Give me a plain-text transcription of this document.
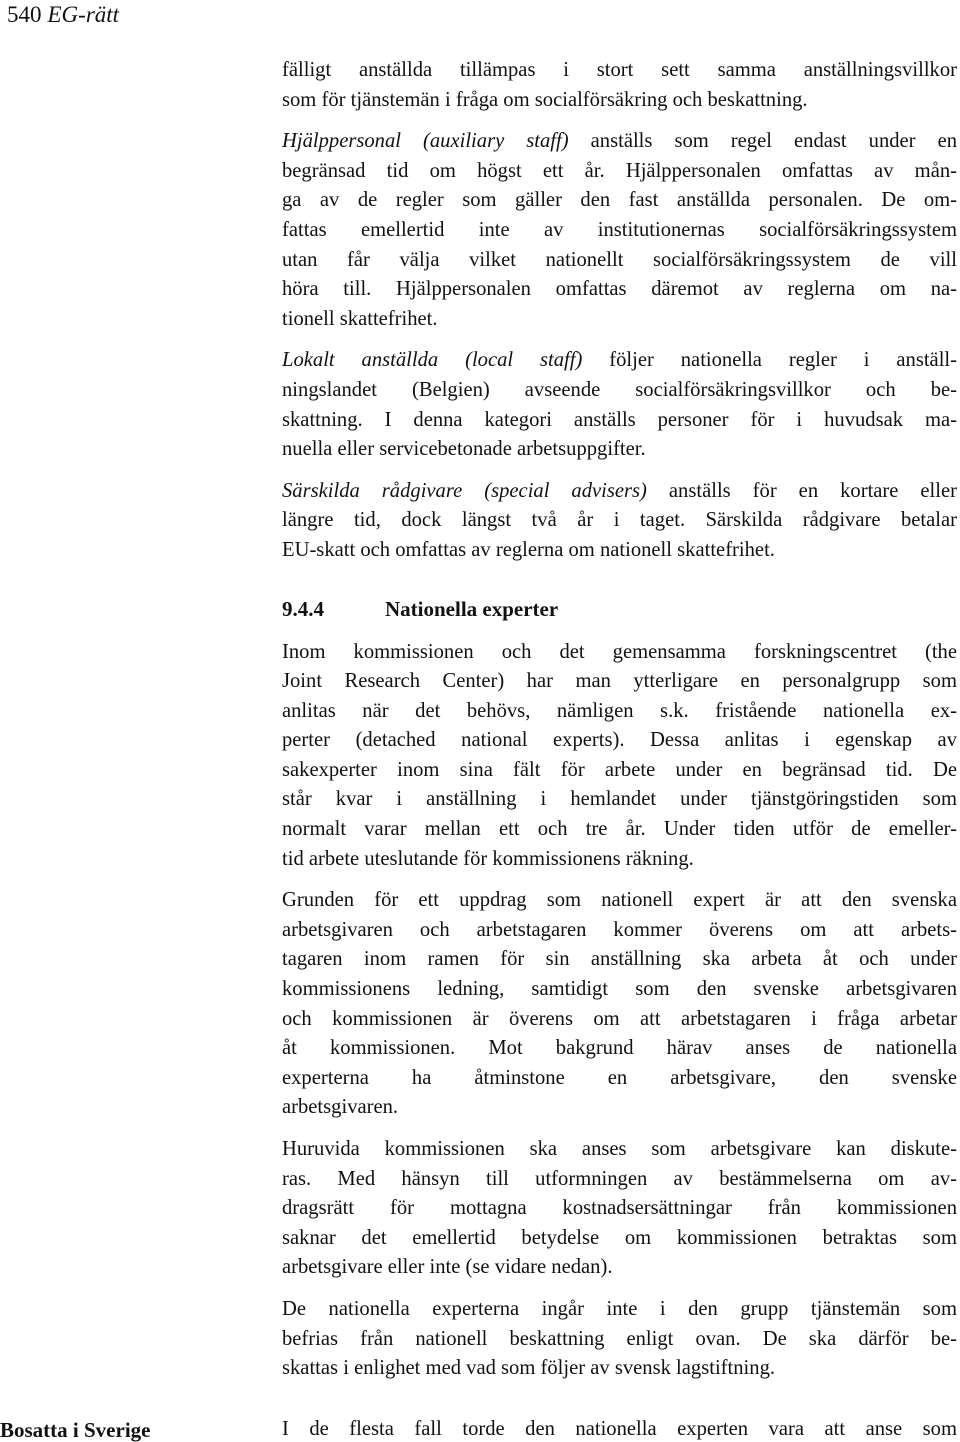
540 EG-rätt
fälligt anställda tillämpas i stort sett samma anställningsvillkor
som för tjänstemän i fråga om socialförsäkring och beskattning.
Hjälppersonal (auxiliary staff) anställs som regel endast under en
begränsad tid om högst ett år. Hjälppersonalen omfattas av mån-
ga av de regler som gäller den fast anställda personalen. De om-
fattas emellertid inte av institutionernas socialförsäkringssystem
utan får välja vilket nationellt socialförsäkringssystem de vill
höra till. Hjälppersonalen omfattas däremot av reglerna om na-
tionell skattefrihet.
Lokalt anställda (local staff) följer nationella regler i anställ-
ningslandet (Belgien) avseende socialförsäkringsvillkor och be-
skattning. I denna kategori anställs personer för i huvudsak ma-
nuella eller servicebetonade arbetsuppgifter.
Särskilda rådgivare (special advisers) anställs för en kortare eller
längre tid, dock längst två år i taget. Särskilda rådgivare betalar
EU-skatt och omfattas av reglerna om nationell skattefrihet.
9.4.4	Nationella experter
Inom kommissionen och det gemensamma forskningscentret (the
Joint Research Center) har man ytterligare en personalgrupp som
anlitas när det behövs, nämligen s.k. fristående nationella ex-
perter (detached national experts). Dessa anlitas i egenskap av
sakexperter inom sina fält för arbete under en begränsad tid. De
står kvar i anställning i hemlandet under tjänstgöringstiden som
normalt varar mellan ett och tre år. Under tiden utför de emeller-
tid arbete uteslutande för kommissionens räkning.
Grunden för ett uppdrag som nationell expert är att den svenska
arbetsgivaren och arbetstagaren kommer överens om att arbets-
tagaren inom ramen för sin anställning ska arbeta åt och under
kommissionens ledning, samtidigt som den svenske arbetsgivaren
och kommissionen är överens om att arbetstagaren i fråga arbetar
åt kommissionen. Mot bakgrund härav anses de nationella
experterna ha åtminstone en arbetsgivare, den svenske
arbetsgivaren.
Huruvida kommissionen ska anses som arbetsgivare kan diskute-
ras. Med hänsyn till utformningen av bestämmelserna om av-
dragsrätt för mottagna kostnadsersättningar från kommissionen
saknar det emellertid betydelse om kommissionen betraktas som
arbetsgivare eller inte (se vidare nedan).
De nationella experterna ingår inte i den grupp tjänstemän som
befrias från nationell beskattning enligt ovan. De ska därför be-
skattas i enlighet med vad som följer av svensk lagstiftning.
Bosatta i Sverige	I de flesta fall torde den nationella experten vara att anse som
